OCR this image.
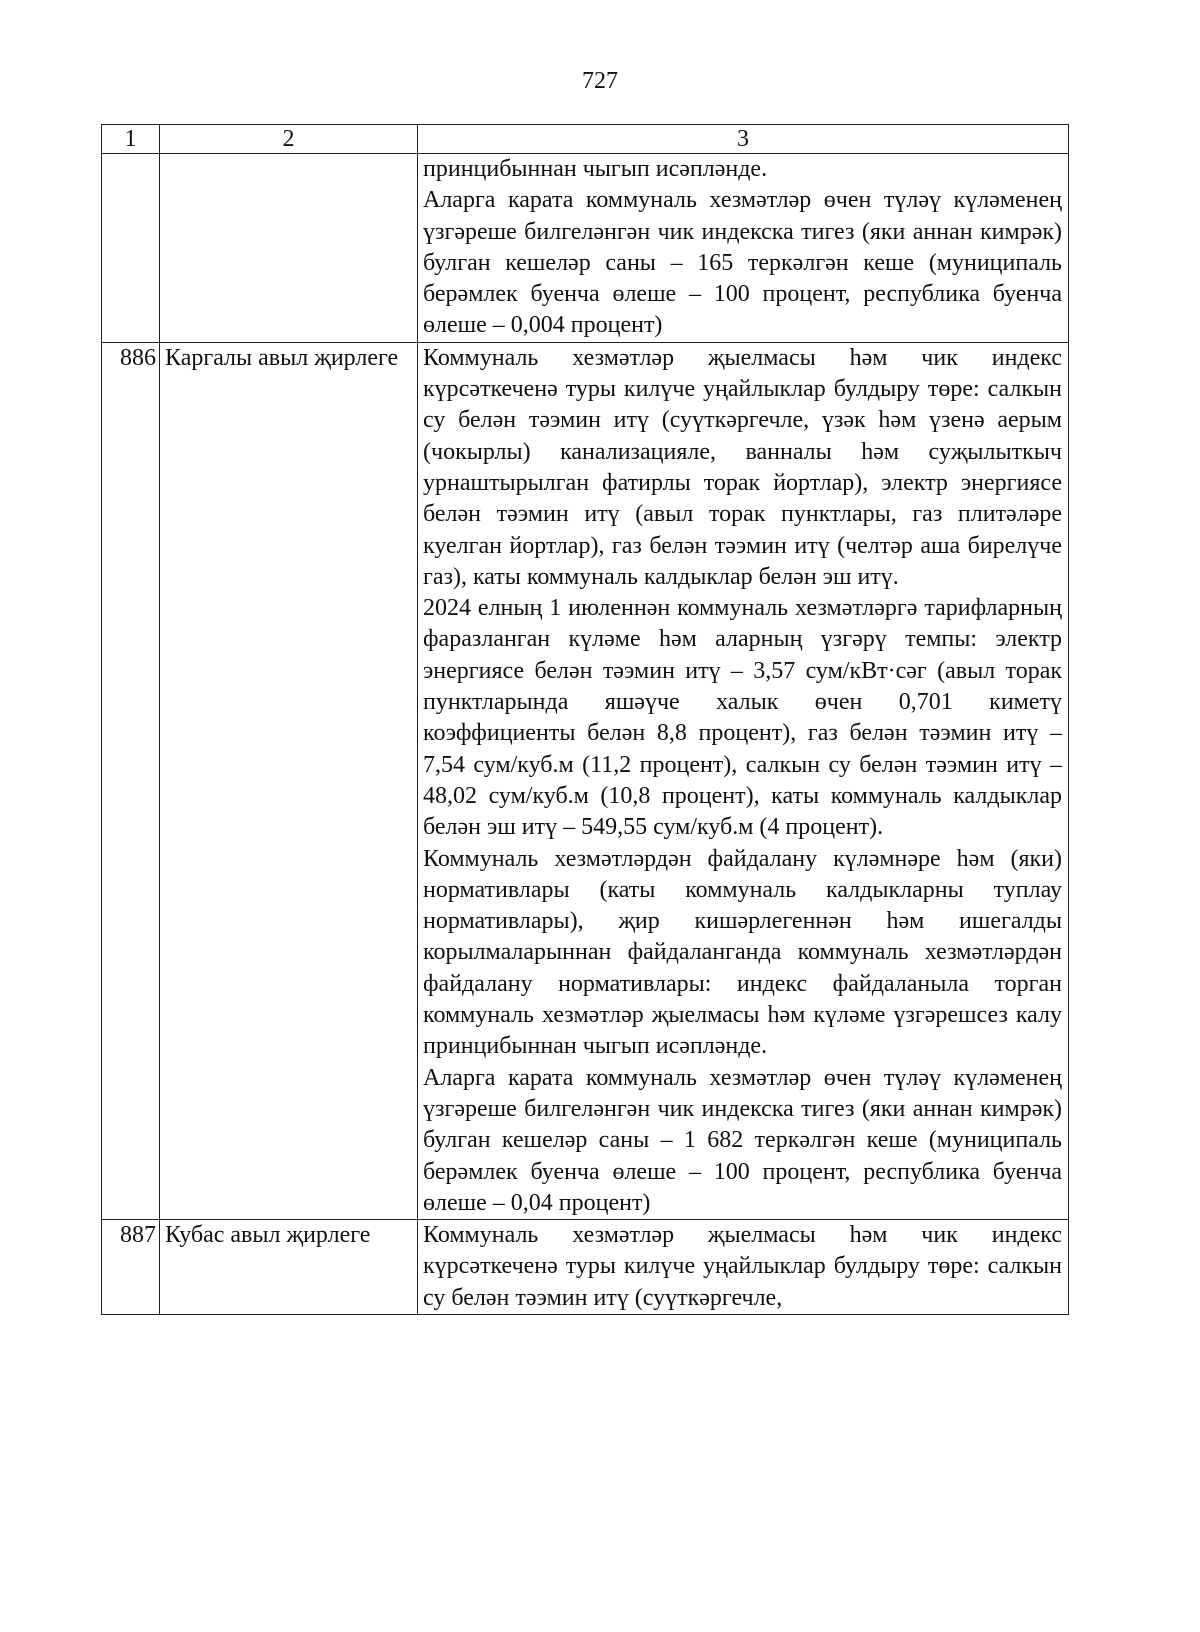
727
1	2	3

		принцибыннан чыгып исәпләнде.

Аларга карата коммуналь хезмәтләр өчен түләү күләменең үзгәреше билгеләнгән чик индекска тигез (яки аннан кимрәк) булган кешеләр саны – 165 теркәлгән кеше (муниципаль берәмлек буенча өлеше – 100 процент, республика буенча өлеше – 0,004 процент)

886	Каргалы авыл җирлеге	Коммуналь хезмәтләр җыелмасы һәм чик индекс күрсәткеченә туры килүче уңайлыклар булдыру төре: салкын су белән тәэмин итү (суүткәргечле, үзәк һәм үзенә аерым (чокырлы) канализацияле, ванналы һәм суҗылыткыч урнаштырылган фатирлы торак йортлар), электр энергиясе белән тәэмин итү (авыл торак пунктлары, газ плитәләре куелган йортлар), газ белән тәэмин итү (челтәр аша бирелүче газ), каты коммуналь калдыклар белән эш итү.

2024 елның 1 июленнән коммуналь хезмәтләргә тарифларның фаразланган күләме һәм аларның үзгәрү темпы: электр энергиясе белән тәэмин итү – 3,57 сум/кВт·сәг (авыл торак пунктларында яшәүче халык өчен 0,701 киметү коэффициенты белән 8,8 процент), газ белән тәэмин итү – 7,54 сум/куб.м (11,2 процент), салкын су белән тәэмин итү – 48,02 сум/куб.м (10,8 процент), каты коммуналь калдыклар белән эш итү – 549,55 сум/куб.м (4 процент).

Коммуналь хезмәтләрдән файдалану күләмнәре һәм (яки) нормативлары (каты коммуналь калдыкларны туплау нормативлары), җир кишәрлегеннән һәм ишегалды корылмаларыннан файдаланганда коммуналь хезмәтләрдән файдалану нормативлары: индекс файдаланыла торган коммуналь хезмәтләр җыелмасы һәм күләме үзгәрешсез калу принцибыннан чыгып исәпләнде.

Аларга карата коммуналь хезмәтләр өчен түләү күләменең үзгәреше билгеләнгән чик индекска тигез (яки аннан кимрәк) булган кешеләр саны – 1 682 теркәлгән кеше (муниципаль берәмлек буенча өлеше – 100 процент, республика буенча өлеше – 0,04 процент)

887	Кубас авыл җирлеге	Коммуналь хезмәтләр җыелмасы һәм чик индекс күрсәткеченә туры килүче уңайлыклар булдыру төре: салкын су белән тәэмин итү (суүткәргечле,
